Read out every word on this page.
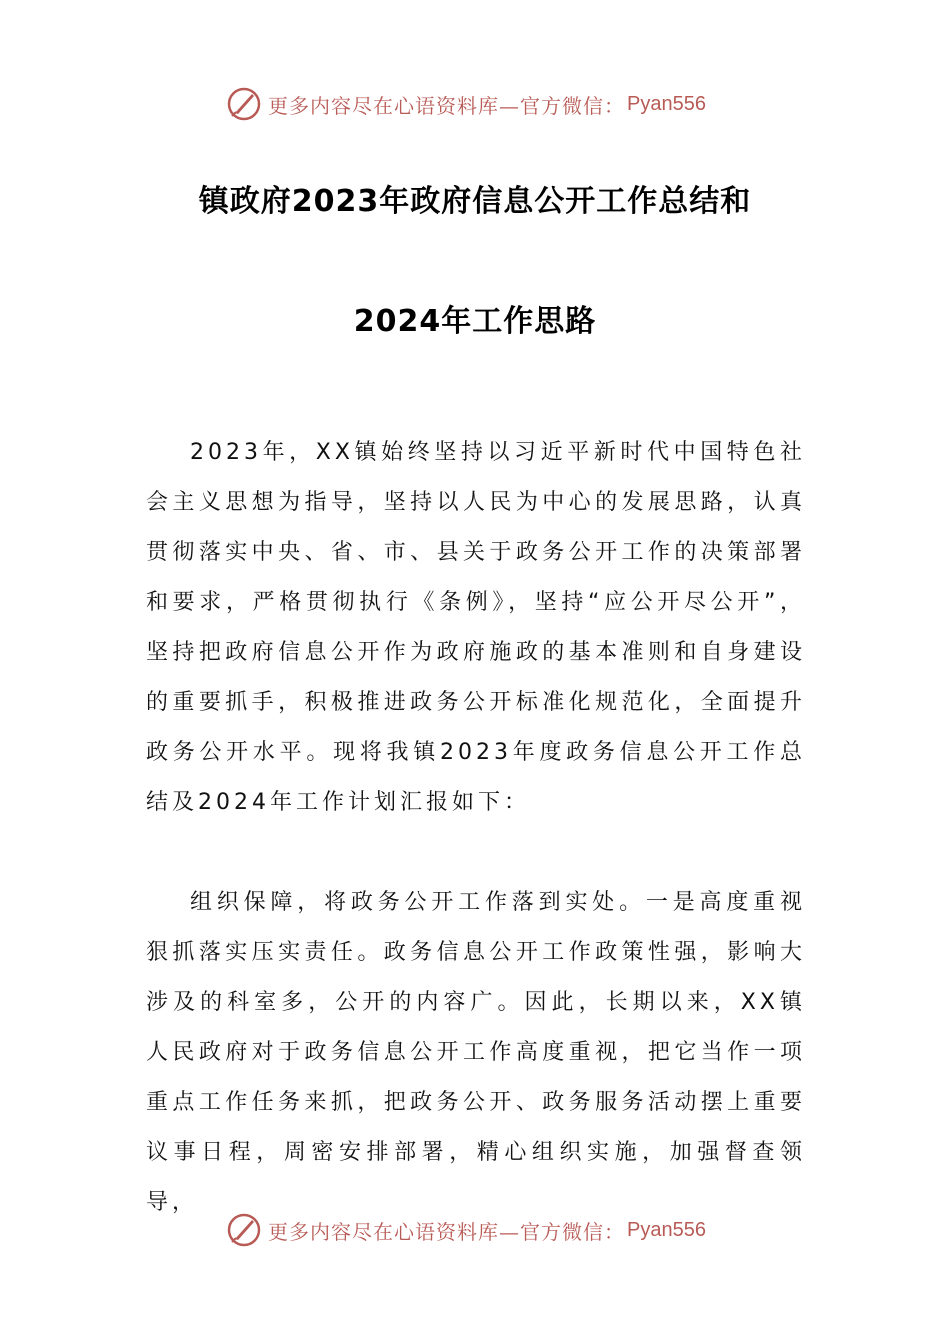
更多内容尽在心语资料库—官方微信： Pyan556
镇政府2023年政府信息公开工作总结和
2024年工作思路

2023年，XX镇始终坚持以习近平新时代中国特色社会主义思想为指导，坚持以人民为中心的发展思路，认真贯彻落实中央、省、市、县关于政务公开工作的决策部署和要求，严格贯彻执行《条例》，坚持“应公开尽公开”，坚持把政府信息公开作为政府施政的基本准则和自身建设的重要抓手，积极推进政务公开标准化规范化，全面提升政务公开水平。现将我镇2023年度政务信息公开工作总结及2024年工作计划汇报如下：

组织保障，将政务公开工作落到实处。一是高度重视狠抓落实压实责任。政务信息公开工作政策性强，影响大涉及的科室多，公开的内容广。因此，长期以来，XX镇人民政府对于政务信息公开工作高度重视，把它当作一项重点工作任务来抓，把政务公开、政务服务活动摆上重要议事日程，周密安排部署，精心组织实施，加强督查领导，

更多内容尽在心语资料库—官方微信： Pyan556
